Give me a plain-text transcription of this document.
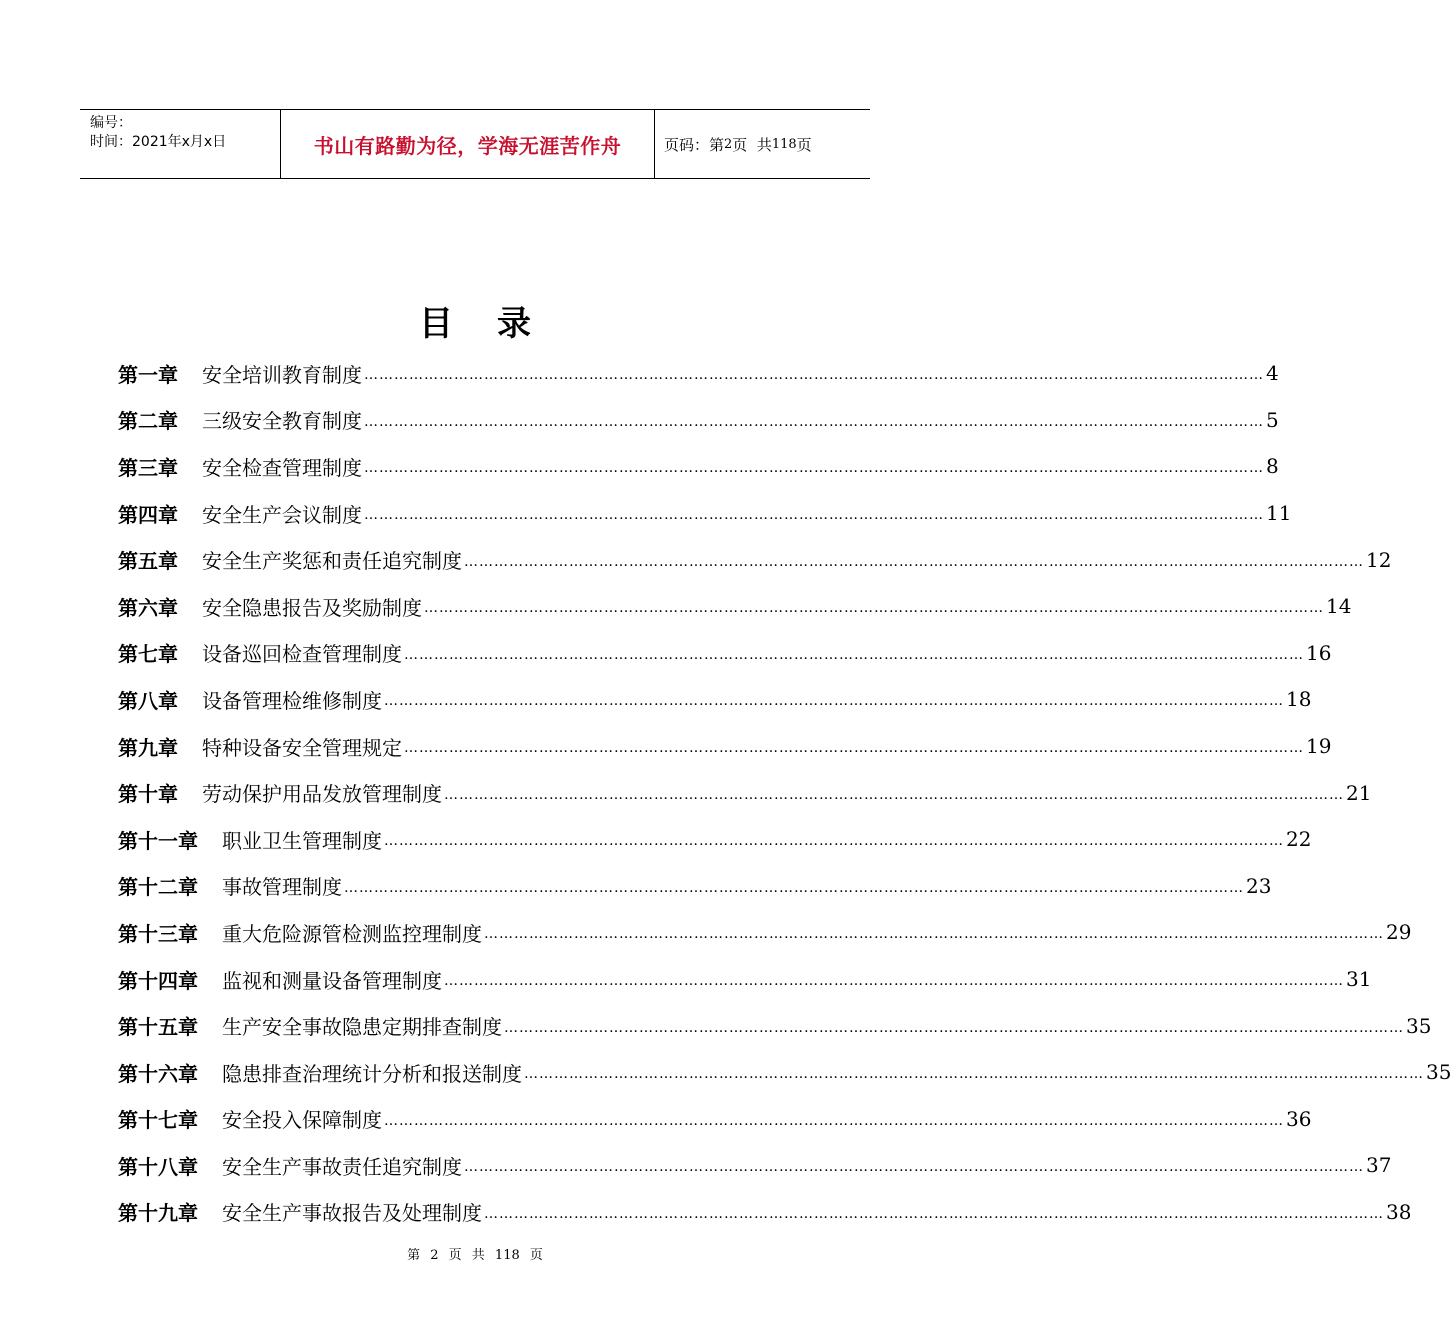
编号：
时间：2021年x月x日	书山有路勤为径，学海无涯苦作舟	页码：第 2 页  共 118 页
目录
第一章 安全培训教育制度 ……………………………………………………………………………………………………………………………………………………………… 4
第二章 三级安全教育制度 ……………………………………………………………………………………………………………………………………………………………… 5
第三章 安全检查管理制度 ……………………………………………………………………………………………………………………………………………………………… 8
第四章 安全生产会议制度 ……………………………………………………………………………………………………………………………………………………………… 11
第五章 安全生产奖惩和责任追究制度 ……………………………………………………………………………………………………………………………………………………………… 12
第六章 安全隐患报告及奖励制度 ……………………………………………………………………………………………………………………………………………………………… 14
第七章 设备巡回检查管理制度 ……………………………………………………………………………………………………………………………………………………………… 16
第八章 设备管理检维修制度 ……………………………………………………………………………………………………………………………………………………………… 18
第九章 特种设备安全管理规定 ……………………………………………………………………………………………………………………………………………………………… 19
第十章 劳动保护用品发放管理制度 ……………………………………………………………………………………………………………………………………………………………… 21
第十一章 职业卫生管理制度 ……………………………………………………………………………………………………………………………………………………………… 22
第十二章 事故管理制度 ……………………………………………………………………………………………………………………………………………………………… 23
第十三章 重大危险源管检测监控理制度 ……………………………………………………………………………………………………………………………………………………………… 29
第十四章 监视和测量设备管理制度 ……………………………………………………………………………………………………………………………………………………………… 31
第十五章 生产安全事故隐患定期排查制度 ……………………………………………………………………………………………………………………………………………………………… 35
第十六章 隐患排查治理统计分析和报送制度 ……………………………………………………………………………………………………………………………………………………………… 35
第十七章 安全投入保障制度 ……………………………………………………………………………………………………………………………………………………………… 36
第十八章 安全生产事故责任追究制度 ……………………………………………………………………………………………………………………………………………………………… 37
第十九章 安全生产事故报告及处理制度 ……………………………………………………………………………………………………………………………………………………………… 38
第 2 页 共 118 页
